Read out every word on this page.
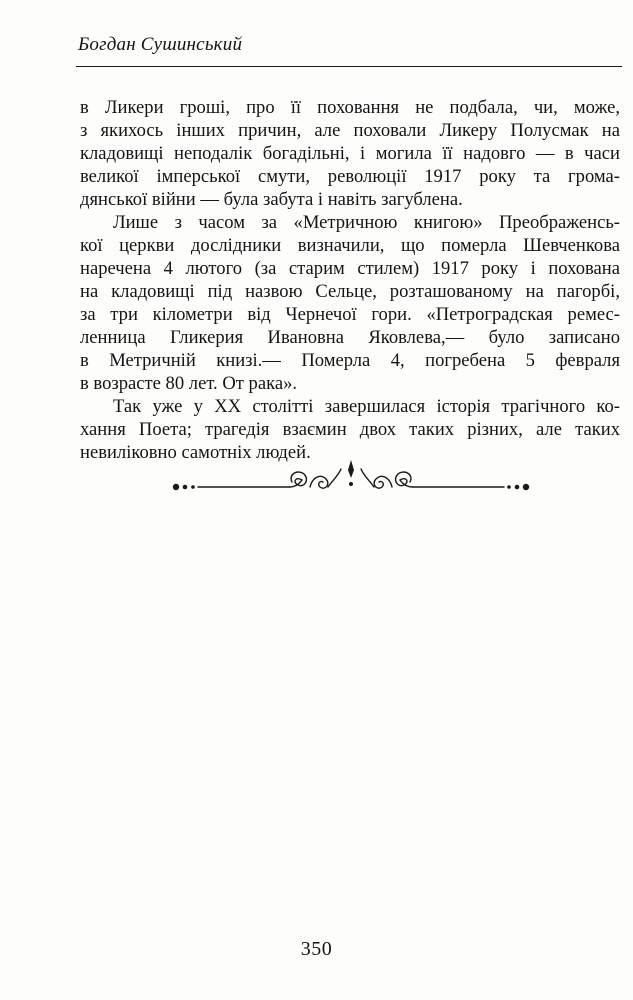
Богдан Сушинський

в Ликери гроші, про її поховання не подбала, чи, може,
з якихось інших причин, але поховали Ликеру Полусмак на
кладовищі неподалік богадільні, і могила її надовго — в часи
великої імперської смути, революції 1917 року та грома-
дянської війни — була забута і навіть загублена.

Лише з часом за «Метричною книгою» Преображенсь-
кої церкви дослідники визначили, що померла Шевченкова
наречена 4 лютого (за старим стилем) 1917 року і похована
на кладовищі під назвою Сельце, розташованому на пагорбі,
за три кілометри від Чернечої гори. «Петроградская ремес-
ленница Гликерия Ивановна Яковлева,— було записано
в Метричній книзі.— Померла 4, погребена 5 февраля
в возрасте 80 лет. От рака».

Так уже у XX столітті завершилася історія трагічного ко-
хання Поета; трагедія взаємин двох таких різних, але таких
невиліковно самотніх людей.

350
